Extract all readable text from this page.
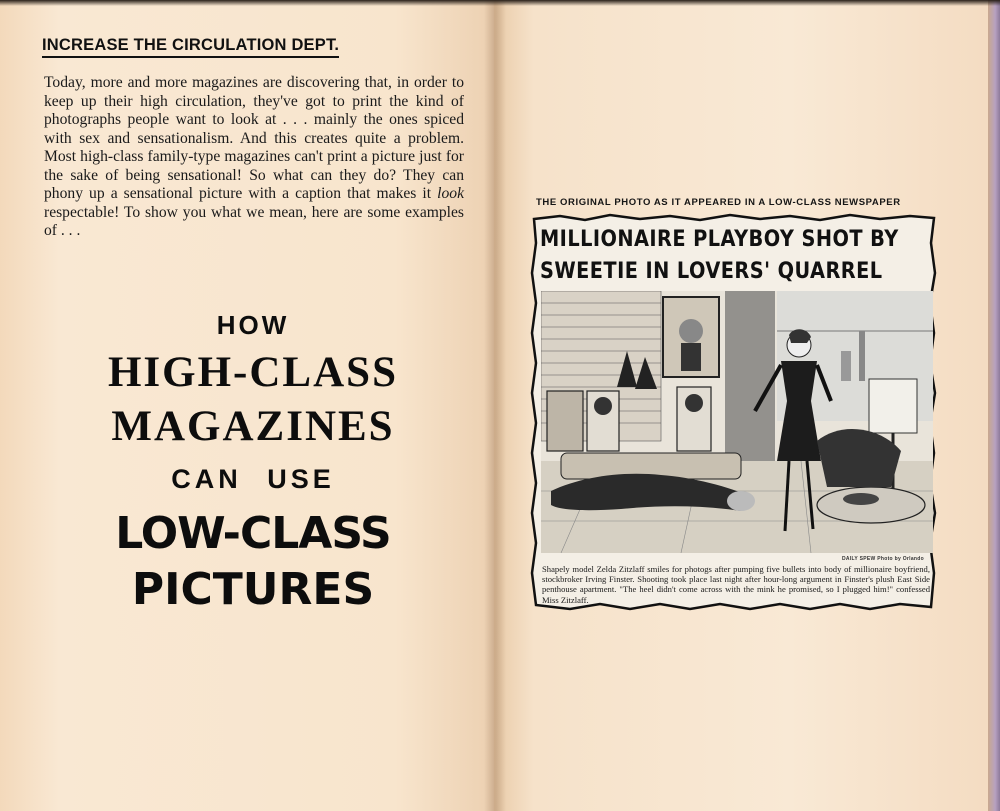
INCREASE THE CIRCULATION DEPT.

Today, more and more magazines are discovering that, in order to keep up their high circulation, they've got to print the kind of photographs people want to look at . . . mainly the ones spiced with sex and sensationalism. And this creates quite a problem. Most high-class family-type magazines can't print a picture just for the sake of being sensational! So what can they do? They can phony up a sensational picture with a caption that makes it look respectable! To show you what we mean, here are some examples of . . .

HOW
HIGH-CLASS
MAGAZINES
CAN USE
LOW-CLASS
PICTURES
THE ORIGINAL PHOTO AS IT APPEARED IN A LOW-CLASS NEWSPAPER
MILLIONAIRE PLAYBOY SHOT BY
SWEETIE IN LOVERS' QUARREL
DAILY SPEW Photo by Orlando

Shapely model Zelda Zitzlaff smiles for photogs after pumping five bullets into body of millionaire boyfriend, stockbroker Irving Finster. Shooting took place last night after hour-long argument in Finster's plush East Side penthouse apartment. "The heel didn't come across with the mink he promised, so I plugged him!" confessed Miss Zitzlaff.
